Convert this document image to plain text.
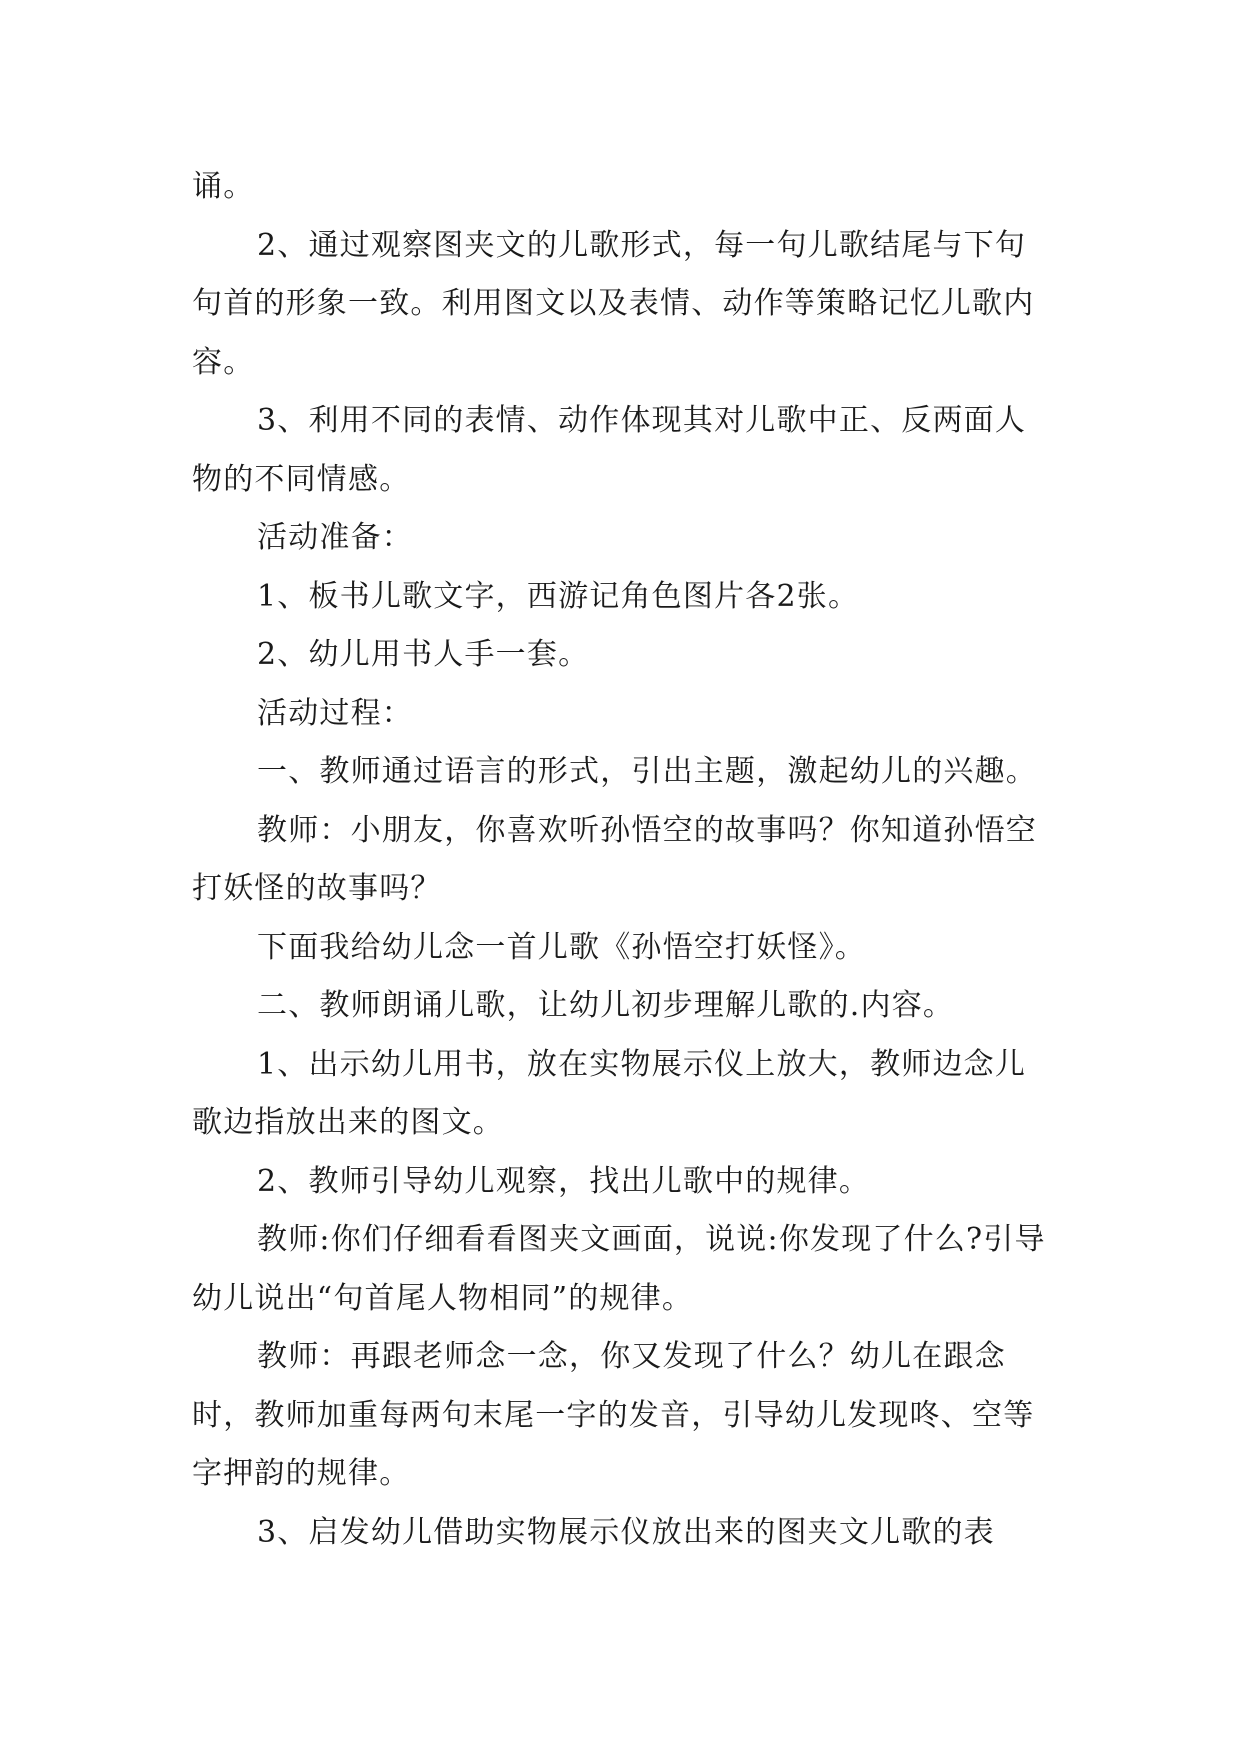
诵。

2、通过观察图夹文的儿歌形式，每一句儿歌结尾与下句句首的形象一致。利用图文以及表情、动作等策略记忆儿歌内容。

3、利用不同的表情、动作体现其对儿歌中正、反两面人物的不同情感。

活动准备：

1、板书儿歌文字，西游记角色图片各2张。

2、幼儿用书人手一套。

活动过程：

一、教师通过语言的形式，引出主题，激起幼儿的兴趣。

教师：小朋友，你喜欢听孙悟空的故事吗？你知道孙悟空打妖怪的故事吗？

下面我给幼儿念一首儿歌《孙悟空打妖怪》。

二、教师朗诵儿歌，让幼儿初步理解儿歌的.内容。

1、出示幼儿用书，放在实物展示仪上放大，教师边念儿歌边指放出来的图文。

2、教师引导幼儿观察，找出儿歌中的规律。

教师:你们仔细看看图夹文画面，说说:你发现了什么?引导幼儿说出“句首尾人物相同”的规律。

教师：再跟老师念一念，你又发现了什么？幼儿在跟念时，教师加重每两句末尾一字的发音，引导幼儿发现咚、空等字押韵的规律。

3、启发幼儿借助实物展示仪放出来的图夹文儿歌的表
